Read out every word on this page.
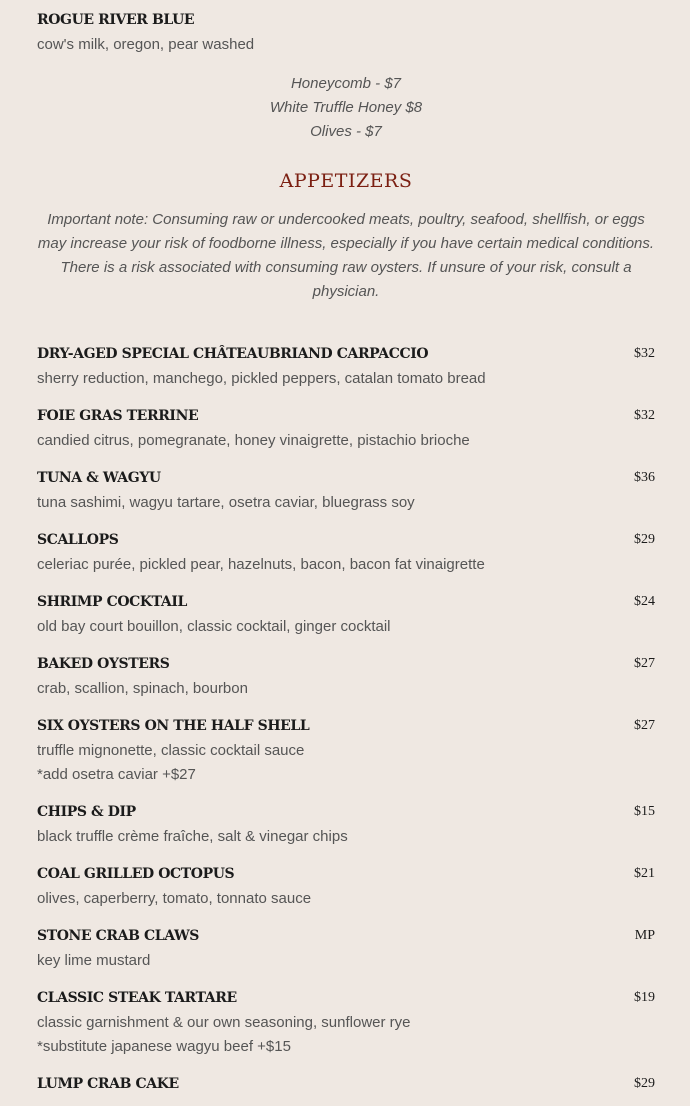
ROGUE RIVER BLUE
cow's milk, oregon, pear washed
Honeycomb - $7
White Truffle Honey $8
Olives - $7
APPETIZERS
Important note: Consuming raw or undercooked meats, poultry, seafood, shellfish, or eggs may increase your risk of foodborne illness, especially if you have certain medical conditions. There is a risk associated with consuming raw oysters. If unsure of your risk, consult a physician.
DRY-AGED SPECIAL CHÂTEAUBRIAND CARPACCIO	$32
sherry reduction, manchego, pickled peppers, catalan tomato bread
FOIE GRAS TERRINE	$32
candied citrus, pomegranate, honey vinaigrette, pistachio brioche
TUNA & WAGYU	$36
tuna sashimi, wagyu tartare, osetra caviar, bluegrass soy
SCALLOPS	$29
celeriac purée, pickled pear, hazelnuts, bacon, bacon fat vinaigrette
SHRIMP COCKTAIL	$24
old bay court bouillon, classic cocktail, ginger cocktail
BAKED OYSTERS	$27
crab, scallion, spinach, bourbon
SIX OYSTERS ON THE HALF SHELL	$27
truffle mignonette, classic cocktail sauce
*add osetra caviar +$27
CHIPS & DIP	$15
black truffle crème fraîche, salt & vinegar chips
COAL GRILLED OCTOPUS	$21
olives, caperberry, tomato, tonnato sauce
STONE CRAB CLAWS	MP
key lime mustard
CLASSIC STEAK TARTARE	$19
classic garnishment & our own seasoning, sunflower rye
*substitute japanese wagyu beef +$15
LUMP CRAB CAKE	$29
